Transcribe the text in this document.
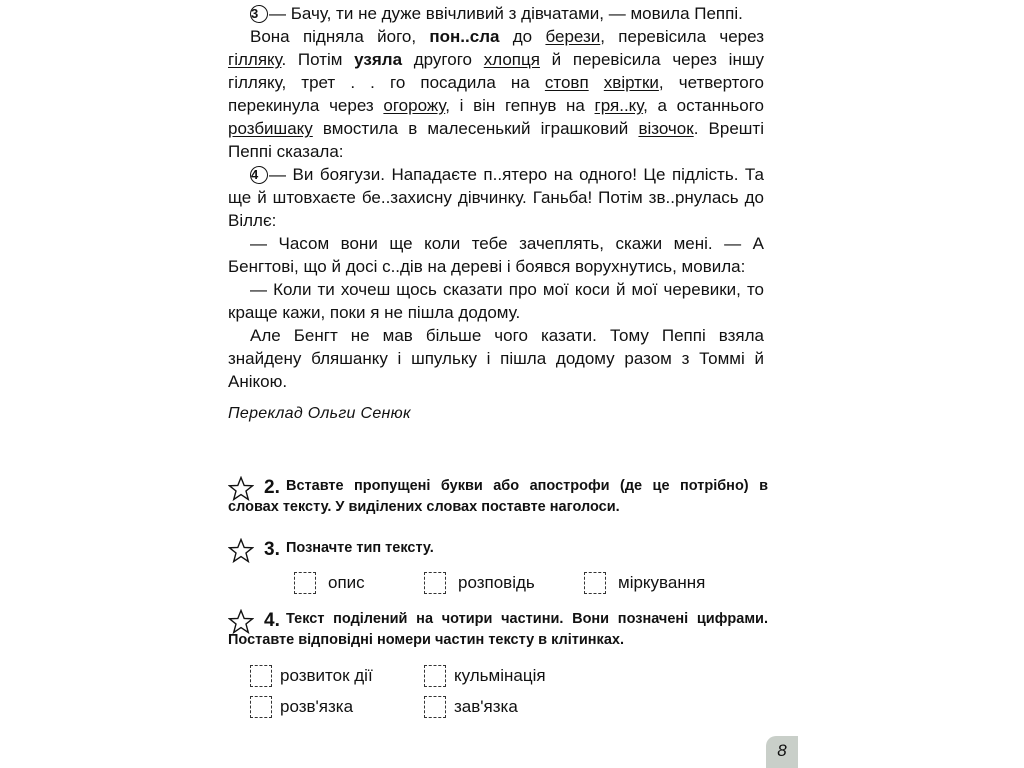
3 — Бачу, ти не дуже ввічливий з дівчатами, — мовила Пеппі.

Вона підняла його, пон..сла до берези, перевісила через гілляку. Потім узяла другого хлопця й перевісила через іншу гілляку, трет . . го посадила на стовп хвіртки, четвертого перекинула через огорожу, і він гепнув на гря..ку, а останнього розбишаку вмостила в малесенький іграшковий візочок. Врешті Пеппі сказала:

4 — Ви боягузи. Нападаєте п..ятеро на одного! Це підлість. Та ще й штовхаєте бе..захисну дівчинку. Ганьба! Потім зв..рнулась до Віллє:

— Часом вони ще коли тебе зачеплять, скажи мені. — А Бенгтові, що й досі с..дів на дереві і боявся ворухнутись, мовила:

— Коли ти хочеш щось сказати про мої коси й мої черевики, то краще кажи, поки я не пішла додому.

Але Бенгт не мав більше чого казати. Тому Пеппі взяла знайдену бляшанку і шпульку і пішла додому разом з Томмі й Анікою.

Переклад Ольги Сенюк

2. Вставте пропущені букви або апострофи (де це потрібно) в словах тексту. У виділених словах поставте наголоси.

3. Позначте тип тексту.

опис	розповідь	міркування
4. Текст поділений на чотири частини. Вони позначені цифрами. Поставте відповідні номери частин тексту в клітинках.

розвиток дії	кульмінація
розв'язка	зав'язка
8
